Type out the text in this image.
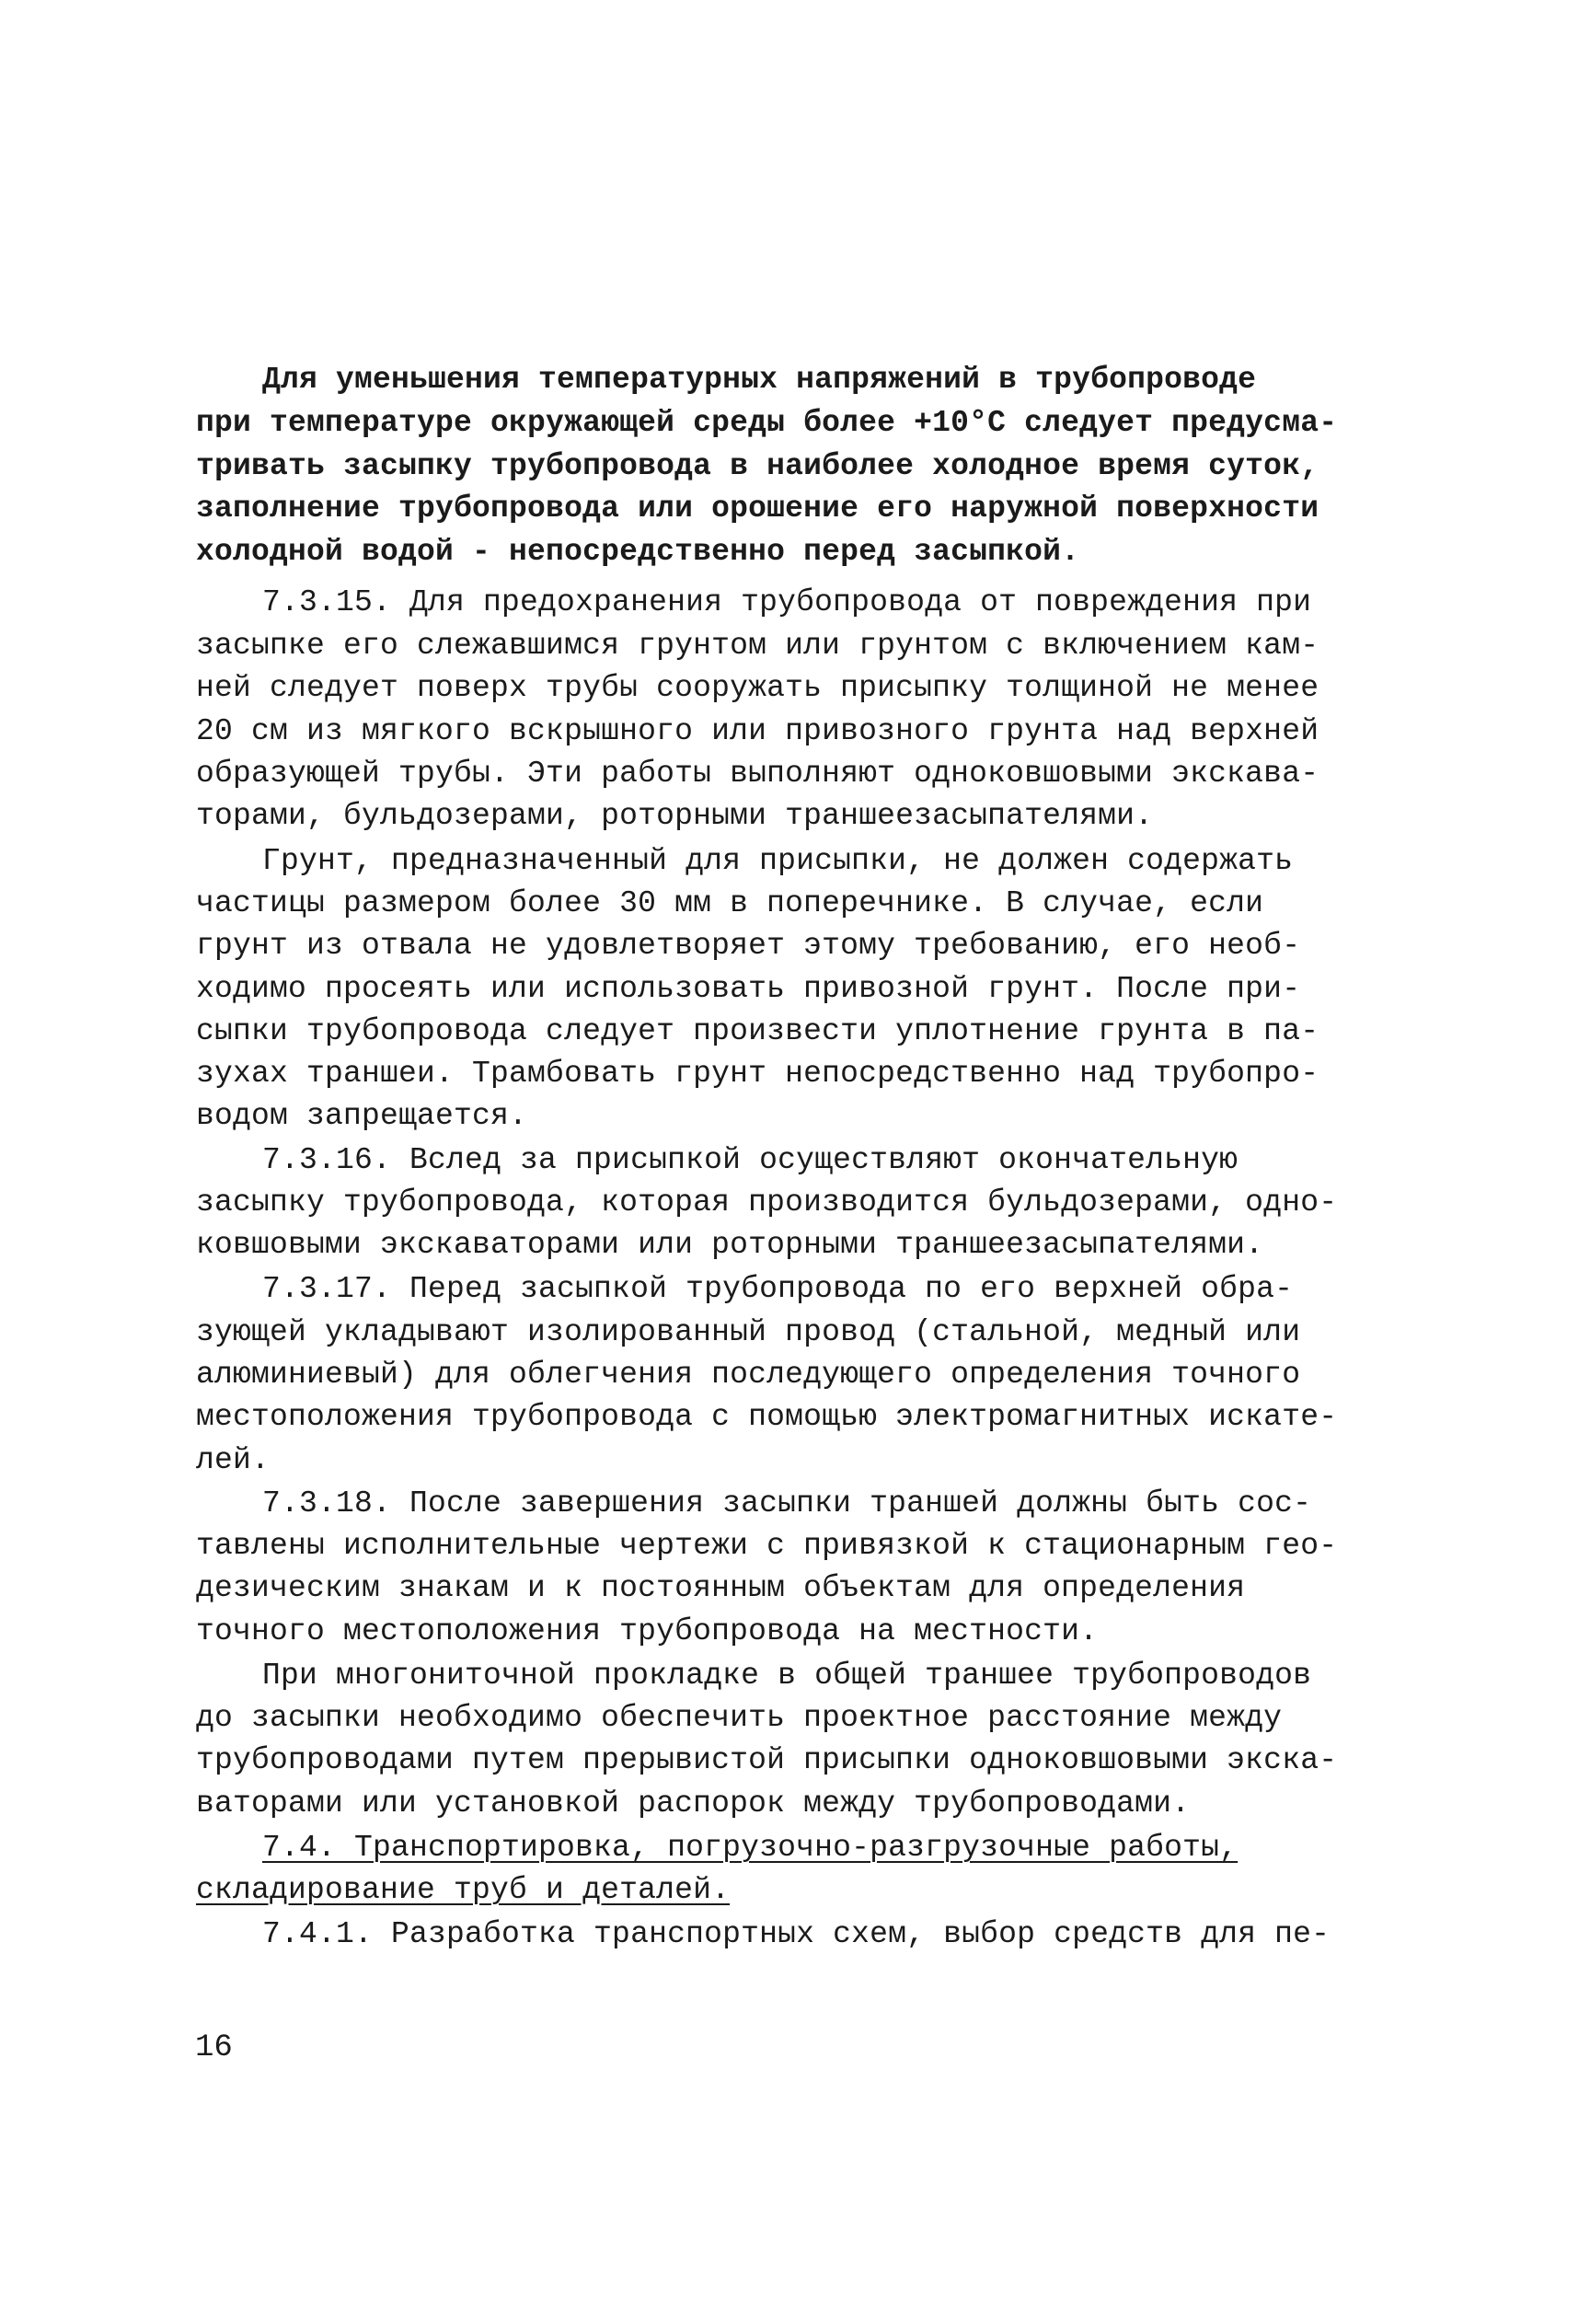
Для уменьшения температурных напряжений в трубопроводе
при температуре окружающей среды более +10°С следует предусма-
тривать засыпку трубопровода в наиболее холодное время суток,
заполнение трубопровода или орошение его наружной поверхности
холодной водой - непосредственно перед засыпкой.
7.3.15. Для предохранения трубопровода от повреждения при
засыпке его слежавшимся грунтом или грунтом с включением кам-
ней следует поверх трубы сооружать присыпку толщиной не менее
20 см из мягкого вскрышного или привозного грунта над верхней
образующей трубы. Эти работы выполняют одноковшовыми экскава-
торами, бульдозерами, роторными траншеезасыпателями.
Грунт, предназначенный для присыпки, не должен содержать
частицы размером более 30 мм в поперечнике. В случае, если
грунт из отвала не удовлетворяет этому требованию, его необ-
ходимо просеять или использовать привозной грунт. После при-
сыпки трубопровода следует произвести уплотнение грунта в па-
зухах траншеи. Трамбовать грунт непосредственно над трубопро-
водом запрещается.
7.3.16. Вслед за присыпкой осуществляют окончательную
засыпку трубопровода, которая производится бульдозерами, одно-
ковшовыми экскаваторами или роторными траншеезасыпателями.
7.3.17. Перед засыпкой трубопровода по его верхней обра-
зующей укладывают изолированный провод (стальной, медный или
алюминиевый) для облегчения последующего определения точного
местоположения трубопровода с помощью электромагнитных искате-
лей.
7.3.18. После завершения засыпки траншей должны быть сос-
тавлены исполнительные чертежи с привязкой к стационарным гео-
дезическим знакам и к постоянным объектам для определения
точного местоположения трубопровода на местности.
При многониточной прокладке в общей траншее трубопроводов
до засыпки необходимо обеспечить проектное расстояние между
трубопроводами путем прерывистой присыпки одноковшовыми экска-
ваторами или установкой распорок между трубопроводами.
7.4. Транспортировка, погрузочно-разгрузочные работы,
складирование труб и деталей.
7.4.1. Разработка транспортных схем, выбор средств для пе-
16
